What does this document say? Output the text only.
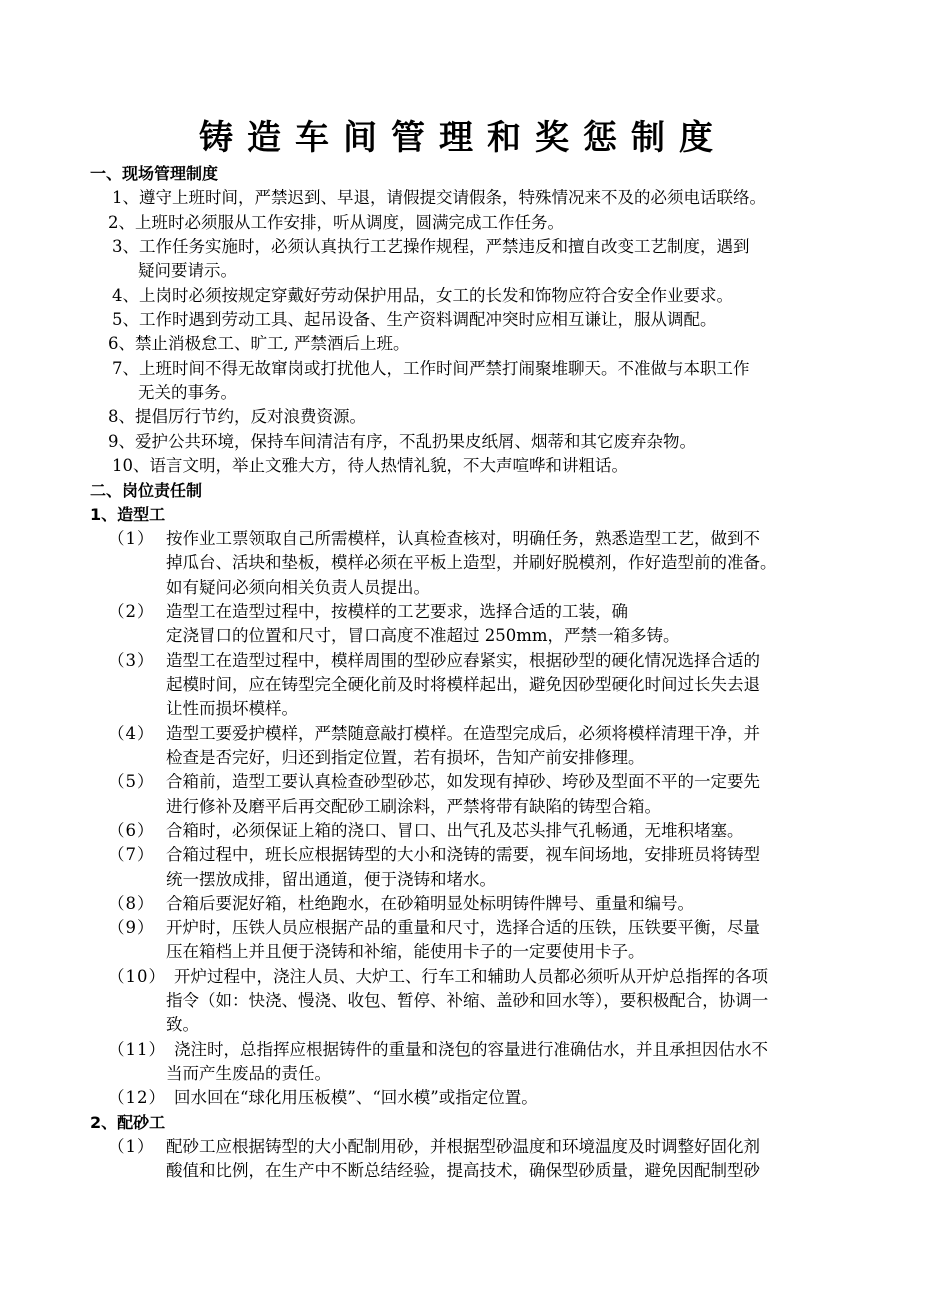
铸造车间管理和奖惩制度
一、现场管理制度
1、遵守上班时间，严禁迟到、早退，请假提交请假条，特殊情况来不及的必须电话联络。
2、上班时必须服从工作安排，听从调度，圆满完成工作任务。
3、工作任务实施时，必须认真执行工艺操作规程，严禁违反和擅自改变工艺制度，遇到
疑问要请示。
4、上岗时必须按规定穿戴好劳动保护用品，女工的长发和饰物应符合安全作业要求。
5、工作时遇到劳动工具、起吊设备、生产资料调配冲突时应相互谦让，服从调配。
6、禁止消极怠工、旷工, 严禁酒后上班。
7、上班时间不得无故窜岗或打扰他人，工作时间严禁打闹聚堆聊天。不准做与本职工作
无关的事务。
8、提倡厉行节约，反对浪费资源。
9、爱护公共环境，保持车间清洁有序，不乱扔果皮纸屑、烟蒂和其它废弃杂物。
10、语言文明，举止文雅大方，待人热情礼貌，不大声喧哗和讲粗话。
二、岗位责任制
1、造型工
（1） 按作业工票领取自己所需模样，认真检查核对，明确任务，熟悉造型工艺，做到不
掉瓜台、活块和垫板，模样必须在平板上造型，并刷好脱模剂，作好造型前的准备。
如有疑问必须向相关负责人员提出。
（2） 造型工在造型过程中，按模样的工艺要求，选择合适的工装，确
定浇冒口的位置和尺寸，冒口高度不准超过 250mm，严禁一箱多铸。
（3） 造型工在造型过程中，模样周围的型砂应舂紧实，根据砂型的硬化情况选择合适的
起模时间，应在铸型完全硬化前及时将模样起出，避免因砂型硬化时间过长失去退
让性而损坏模样。
（4） 造型工要爱护模样，严禁随意敲打模样。在造型完成后，必须将模样清理干净，并
检查是否完好，归还到指定位置，若有损坏，告知产前安排修理。
（5） 合箱前，造型工要认真检查砂型砂芯，如发现有掉砂、垮砂及型面不平的一定要先
进行修补及磨平后再交配砂工刷涂料，严禁将带有缺陷的铸型合箱。
（6） 合箱时，必须保证上箱的浇口、冒口、出气孔及芯头排气孔畅通，无堆积堵塞。
（7） 合箱过程中，班长应根据铸型的大小和浇铸的需要，视车间场地，安排班员将铸型
统一摆放成排，留出通道，便于浇铸和堵水。
（8） 合箱后要泥好箱，杜绝跑水，在砂箱明显处标明铸件牌号、重量和编号。
（9） 开炉时，压铁人员应根据产品的重量和尺寸，选择合适的压铁，压铁要平衡，尽量
压在箱档上并且便于浇铸和补缩，能使用卡子的一定要使用卡子。
（10） 开炉过程中，浇注人员、大炉工、行车工和辅助人员都必须听从开炉总指挥的各项
指令（如：快浇、慢浇、收包、暂停、补缩、盖砂和回水等），要积极配合，协调一
致。
（11） 浇注时，总指挥应根据铸件的重量和浇包的容量进行准确估水，并且承担因估水不
当而产生废品的责任。
（12） 回水回在“球化用压板模”、“回水模”或指定位置。
2、配砂工
（1） 配砂工应根据铸型的大小配制用砂，并根据型砂温度和环境温度及时调整好固化剂
酸值和比例，在生产中不断总结经验，提高技术，确保型砂质量，避免因配制型砂
